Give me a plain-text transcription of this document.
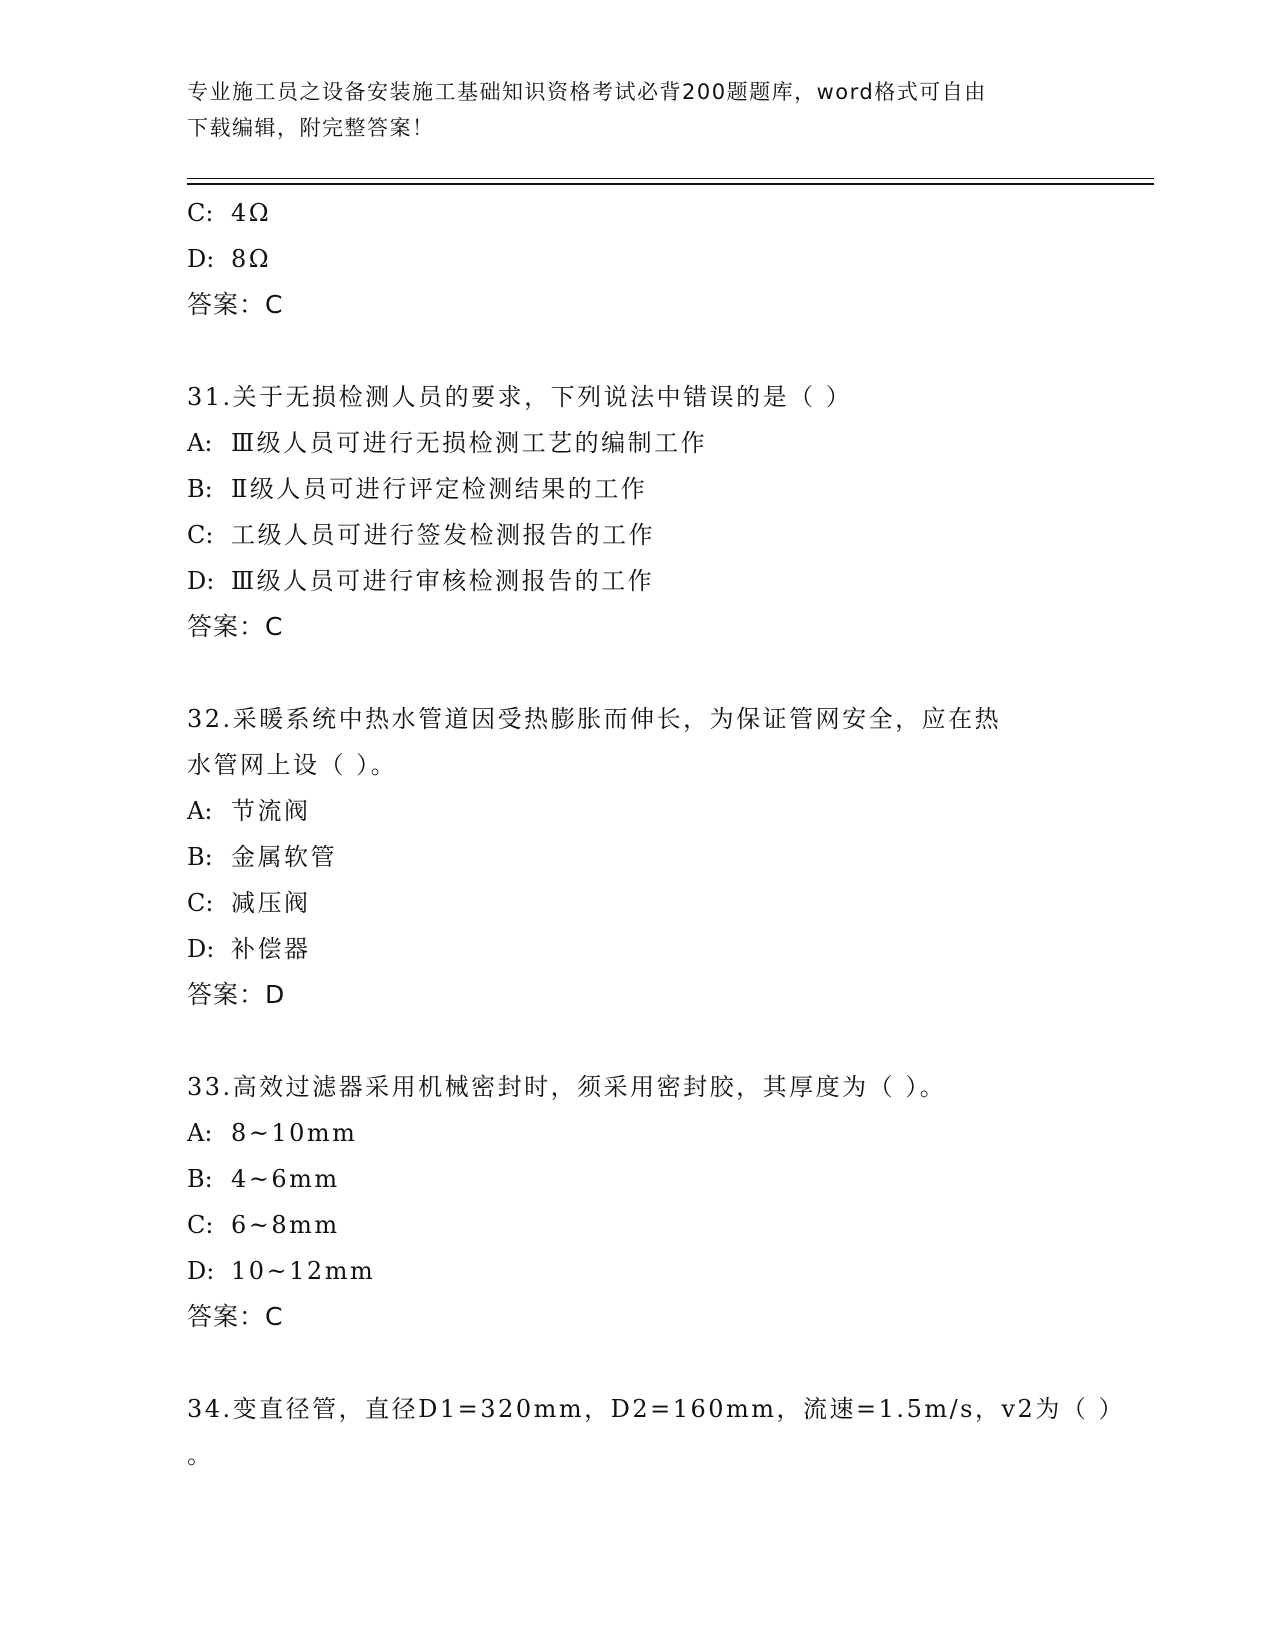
专业施工员之设备安装施工基础知识资格考试必背200题题库，word格式可自由
下载编辑，附完整答案！
C: 4Ω
D: 8Ω
答案：C
31.关于无损检测人员的要求，下列说法中错误的是（ ）
A: Ⅲ级人员可进行无损检测工艺的编制工作
B: Ⅱ级人员可进行评定检测结果的工作
C: 工级人员可进行签发检测报告的工作
D: Ⅲ级人员可进行审核检测报告的工作
答案：C
32.采暖系统中热水管道因受热膨胀而伸长，为保证管网安全，应在热
水管网上设（ ）。
A: 节流阀
B: 金属软管
C: 减压阀
D: 补偿器
答案：D
33.高效过滤器采用机械密封时，须采用密封胶，其厚度为（ ）。
A: 8~10mm
B: 4~6mm
C: 6~8mm
D: 10~12mm
答案：C
34.变直径管，直径D1=320mm，D2=160mm，流速=1.5m/s，v2为（ ）
。
